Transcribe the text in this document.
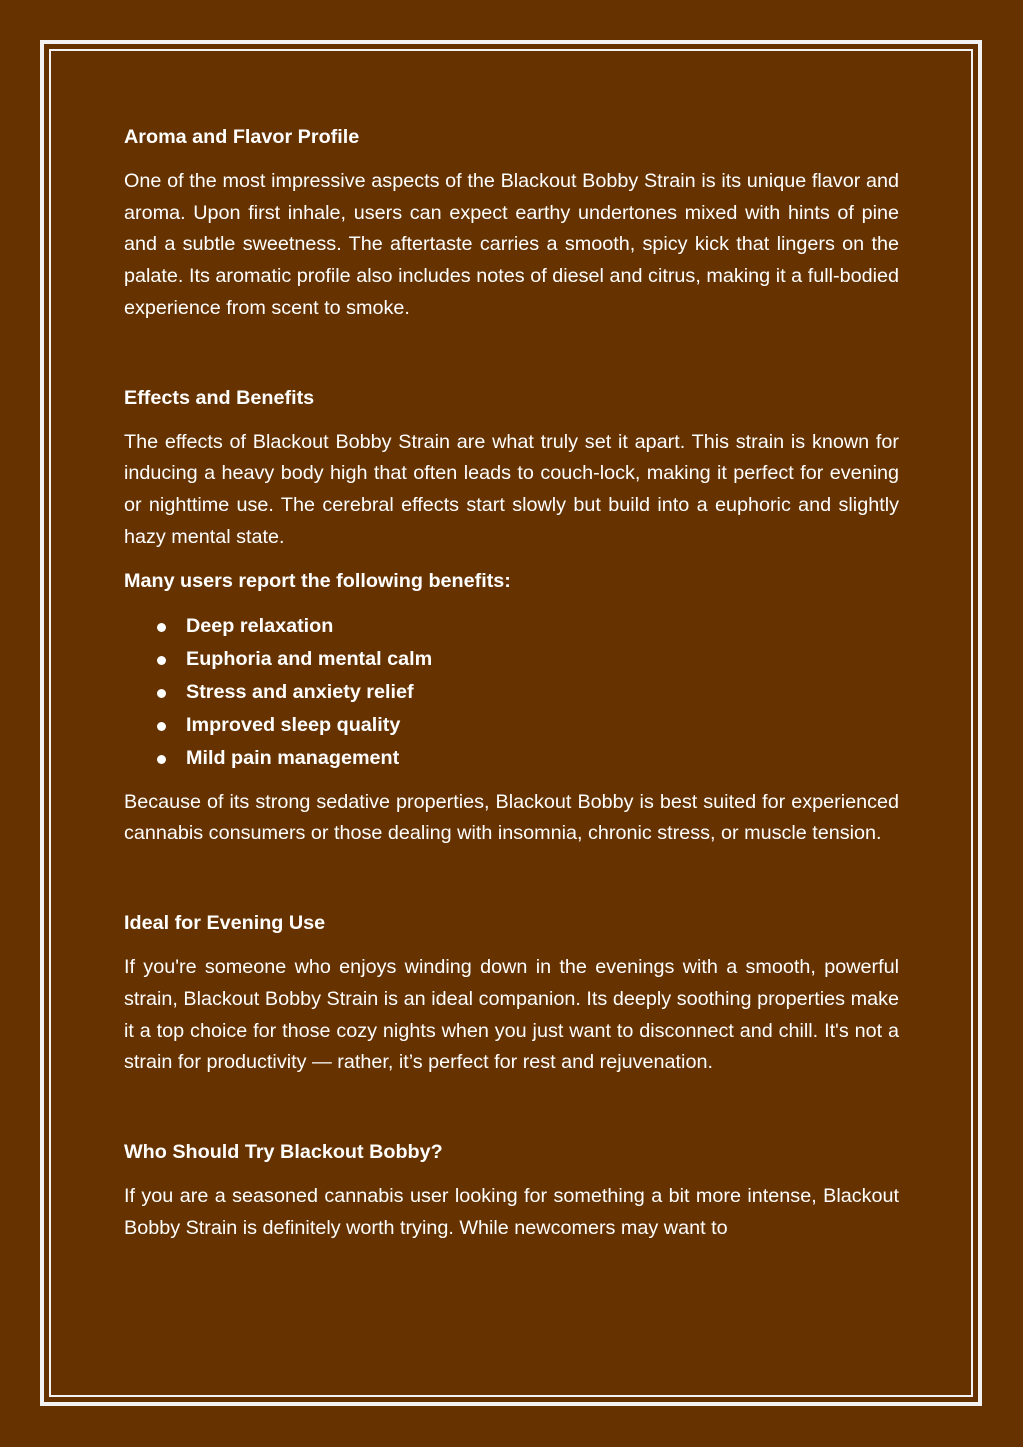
Aroma and Flavor Profile

One of the most impressive aspects of the Blackout Bobby Strain is its unique flavor and aroma. Upon first inhale, users can expect earthy undertones mixed with hints of pine and a subtle sweetness. The aftertaste carries a smooth, spicy kick that lingers on the palate. Its aromatic profile also includes notes of diesel and citrus, making it a full-bodied experience from scent to smoke.

Effects and Benefits

The effects of Blackout Bobby Strain are what truly set it apart. This strain is known for inducing a heavy body high that often leads to couch-lock, making it perfect for evening or nighttime use. The cerebral effects start slowly but build into a euphoric and slightly hazy mental state.

Many users report the following benefits:

Deep relaxation
Euphoria and mental calm
Stress and anxiety relief
Improved sleep quality
Mild pain management

Because of its strong sedative properties, Blackout Bobby is best suited for experienced cannabis consumers or those dealing with insomnia, chronic stress, or muscle tension.

Ideal for Evening Use

If you're someone who enjoys winding down in the evenings with a smooth, powerful strain, Blackout Bobby Strain is an ideal companion. Its deeply soothing properties make it a top choice for those cozy nights when you just want to disconnect and chill. It's not a strain for productivity — rather, it’s perfect for rest and rejuvenation.

Who Should Try Blackout Bobby?

If you are a seasoned cannabis user looking for something a bit more intense, Blackout Bobby Strain is definitely worth trying. While newcomers may want to
